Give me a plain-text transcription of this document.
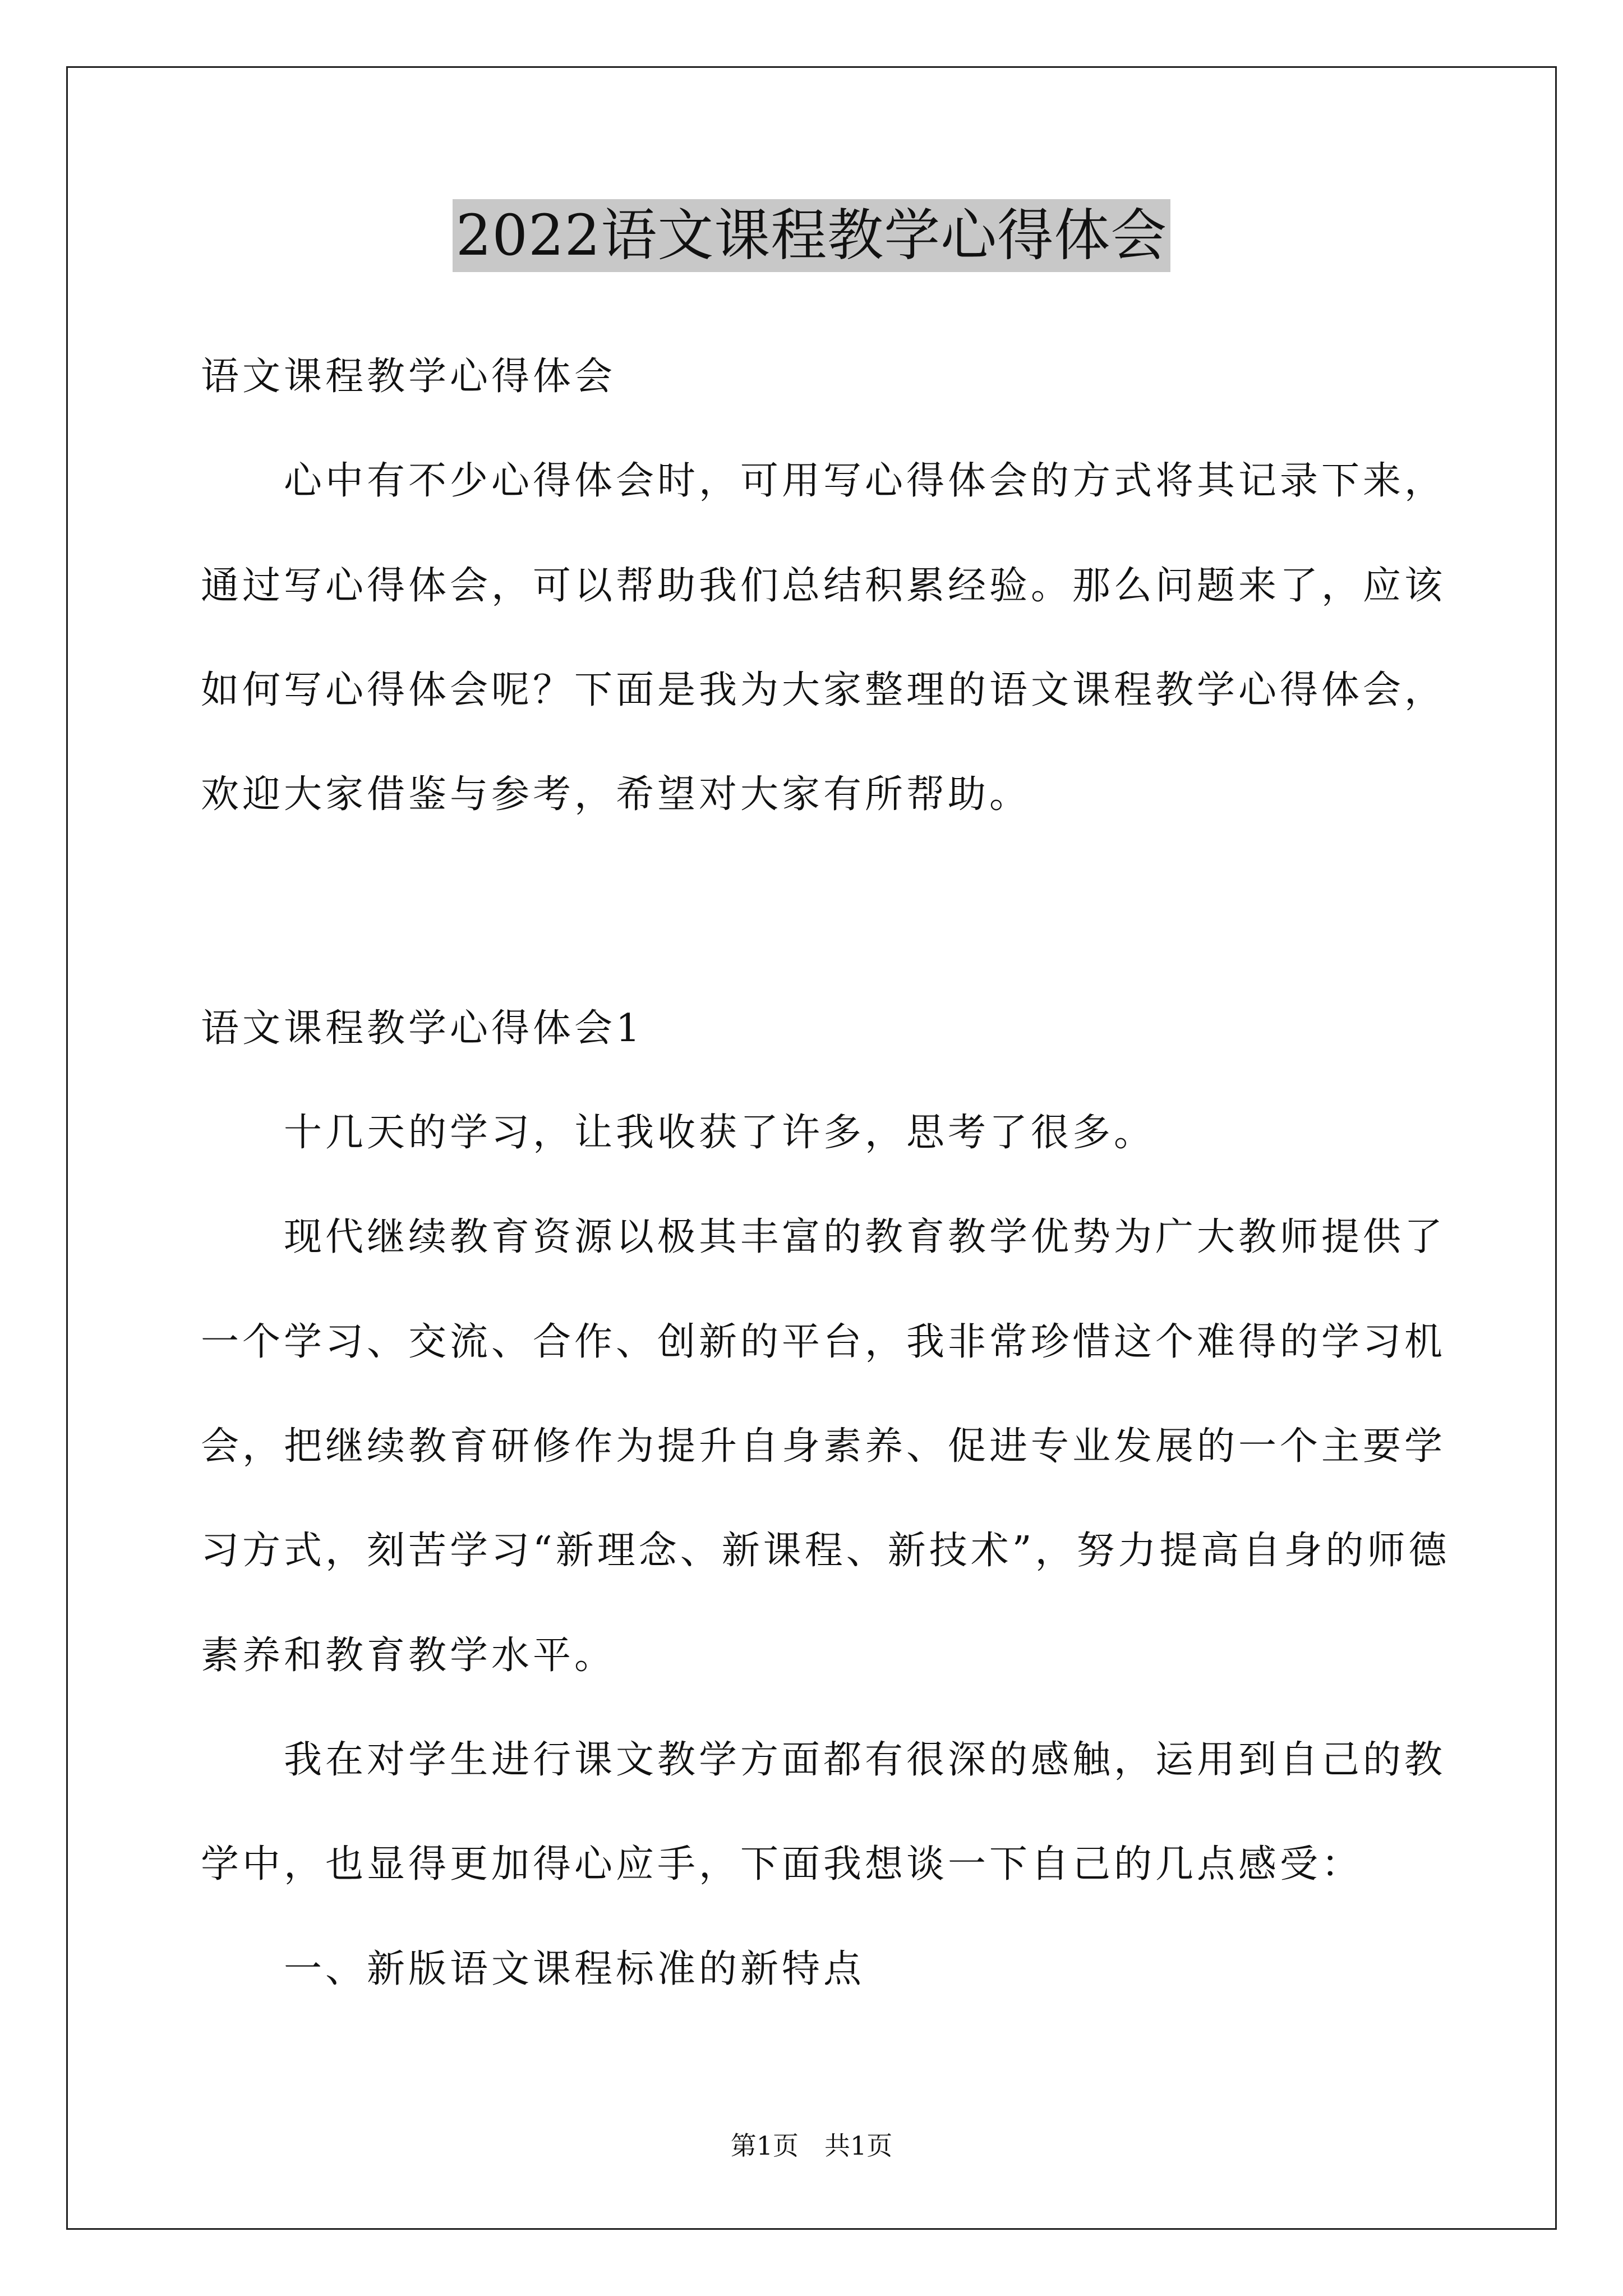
2022语文课程教学心得体会
语文课程教学心得体会
　　心中有不少心得体会时，可用写心得体会的方式将其记录下来，
通过写心得体会，可以帮助我们总结积累经验。那么问题来了，应该
如何写心得体会呢？下面是我为大家整理的语文课程教学心得体会，
欢迎大家借鉴与参考，希望对大家有所帮助。
语文课程教学心得体会1
　　十几天的学习，让我收获了许多，思考了很多。
　　现代继续教育资源以极其丰富的教育教学优势为广大教师提供了
一个学习、交流、合作、创新的平台，我非常珍惜这个难得的学习机
会，把继续教育研修作为提升自身素养、促进专业发展的一个主要学
习方式，刻苦学习“新理念、新课程、新技术”，努力提高自身的师德
素养和教育教学水平。
　　我在对学生进行课文教学方面都有很深的感触，运用到自己的教
学中，也显得更加得心应手，下面我想谈一下自己的几点感受：
　　一、新版语文课程标准的新特点
第1页　共1页
